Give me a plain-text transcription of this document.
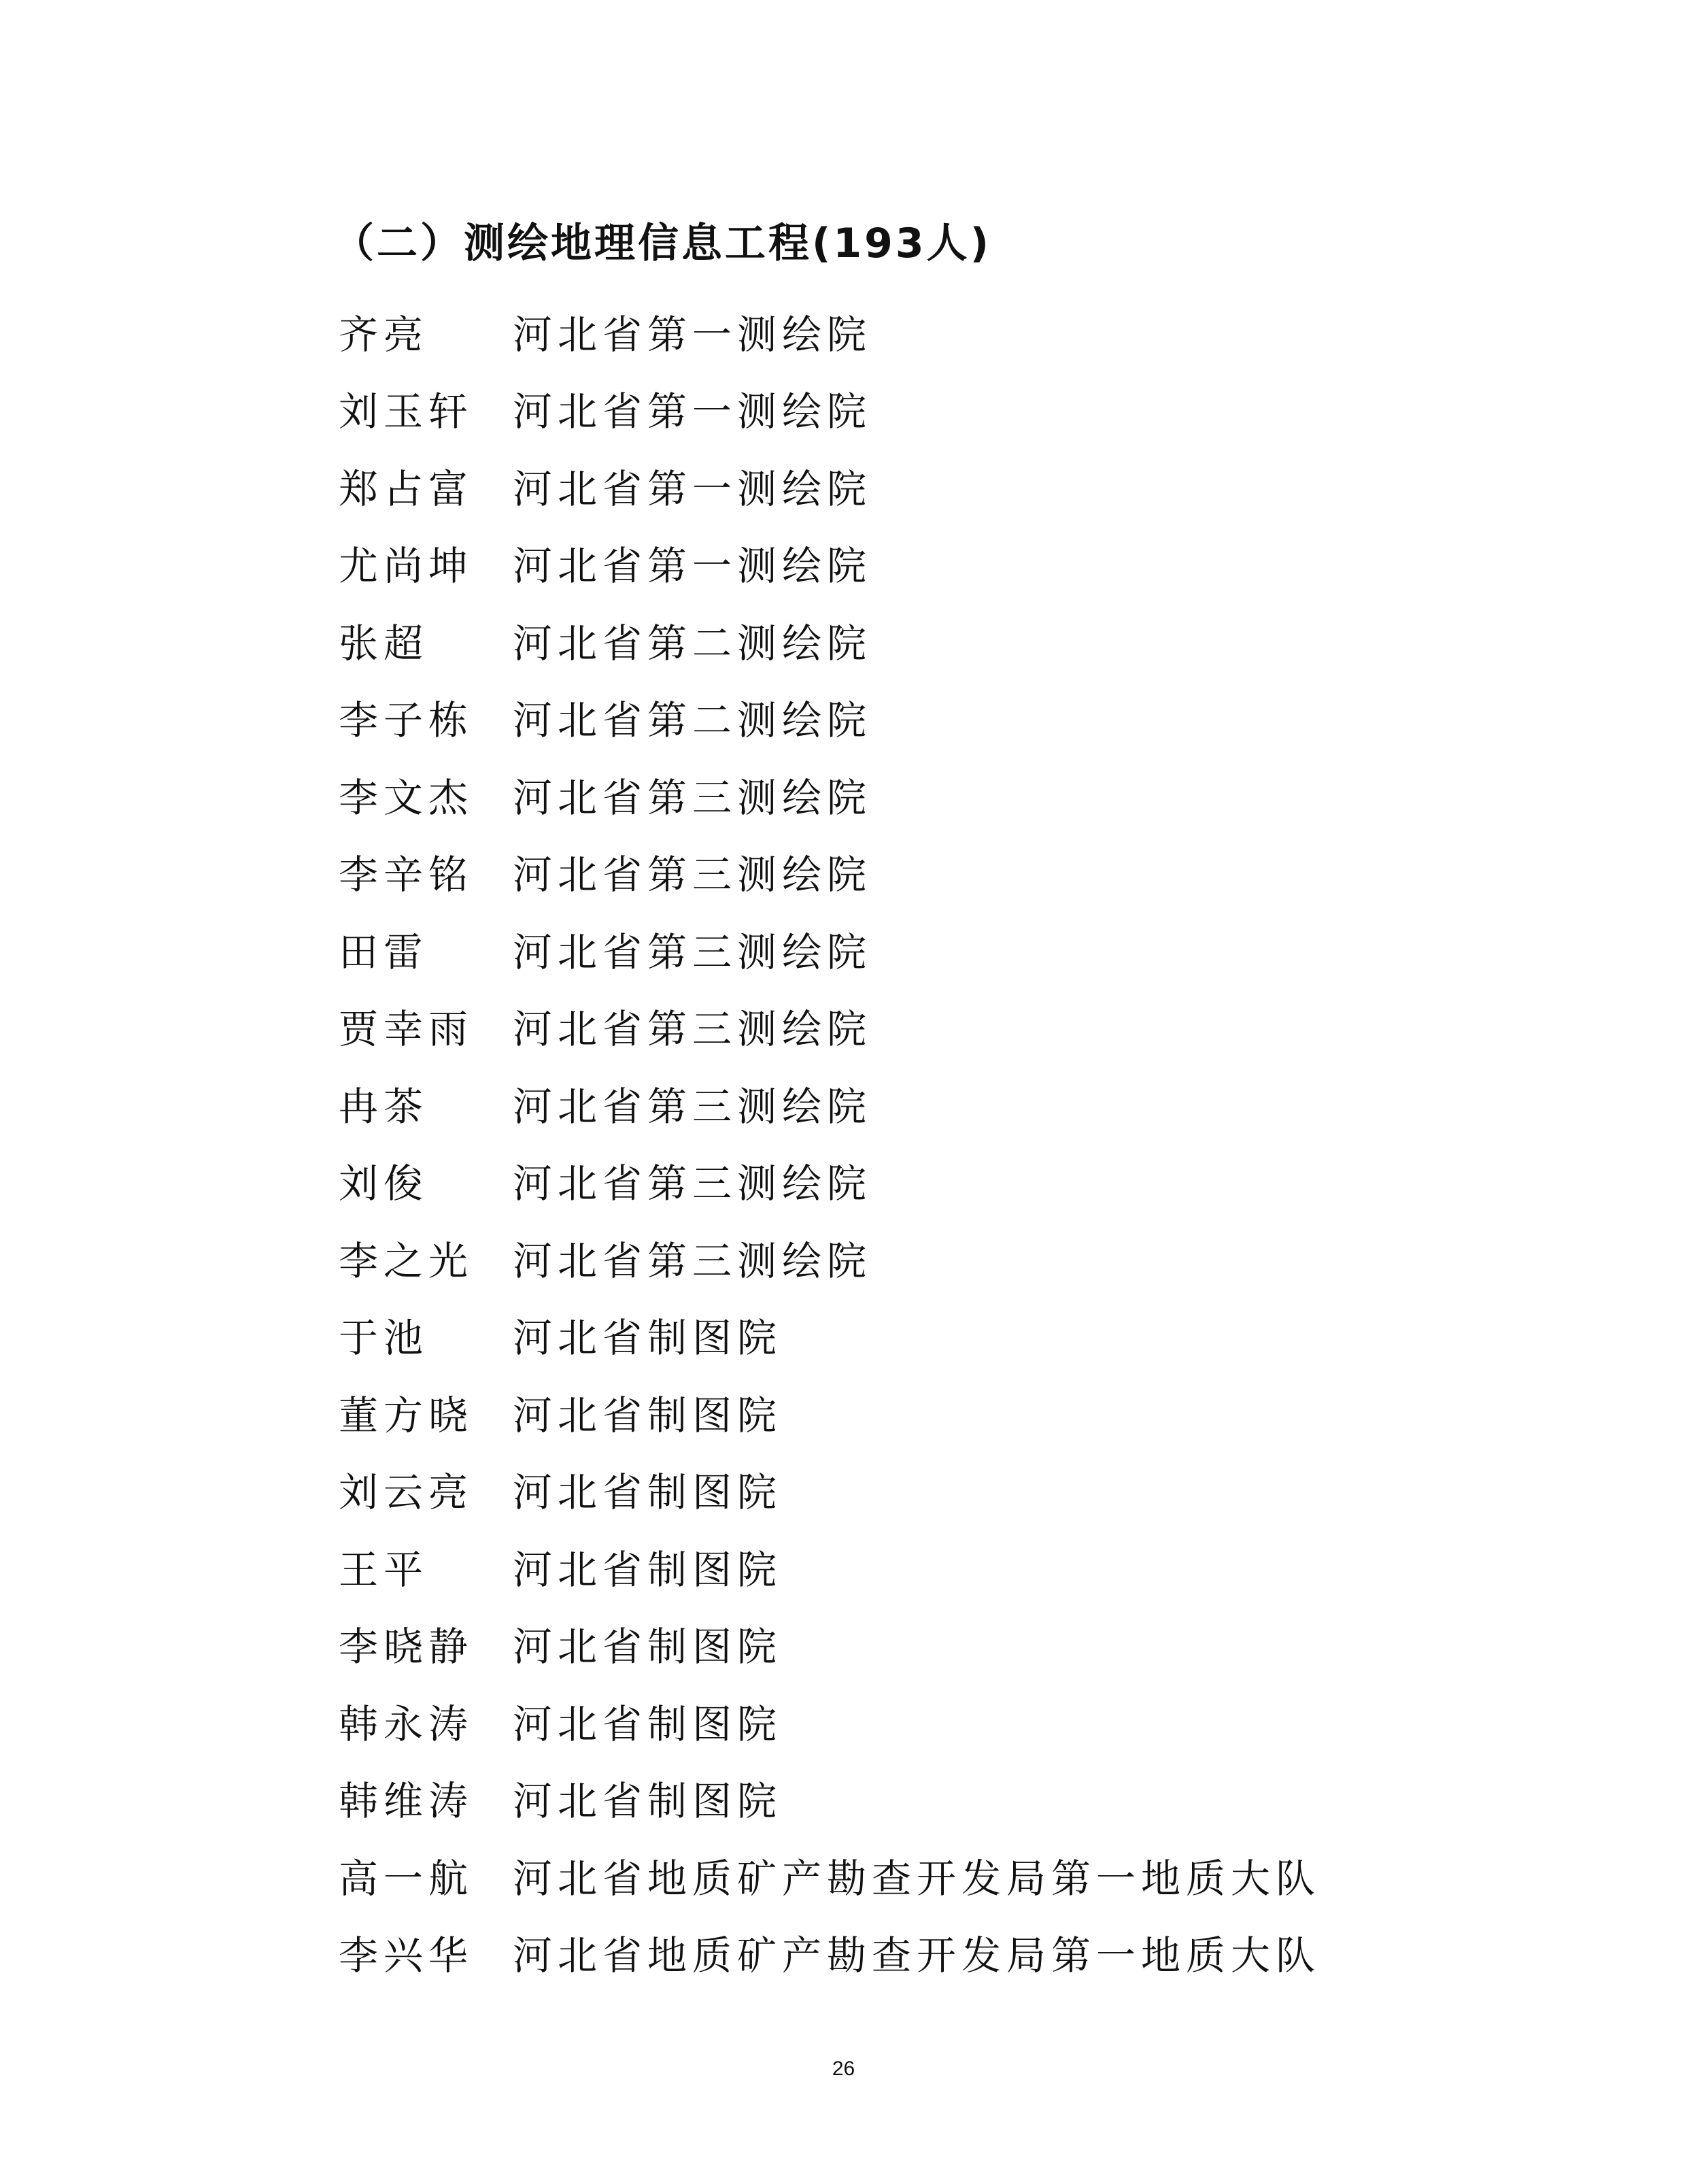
（二）测绘地理信息工程(193人)
齐亮	河北省第一测绘院
刘玉轩 河北省第一测绘院
郑占富 河北省第一测绘院
尤尚坤 河北省第一测绘院
张超	河北省第二测绘院
李子栋 河北省第二测绘院
李文杰 河北省第三测绘院
李辛铭 河北省第三测绘院
田雷	河北省第三测绘院
贾幸雨 河北省第三测绘院
冉茶	河北省第三测绘院
刘俊	河北省第三测绘院
李之光 河北省第三测绘院
于池	河北省制图院
董方晓 河北省制图院
刘云亮 河北省制图院
王平	河北省制图院
李晓静 河北省制图院
韩永涛 河北省制图院
韩维涛 河北省制图院
高一航 河北省地质矿产勘查开发局第一地质大队
李兴华 河北省地质矿产勘查开发局第一地质大队
26
